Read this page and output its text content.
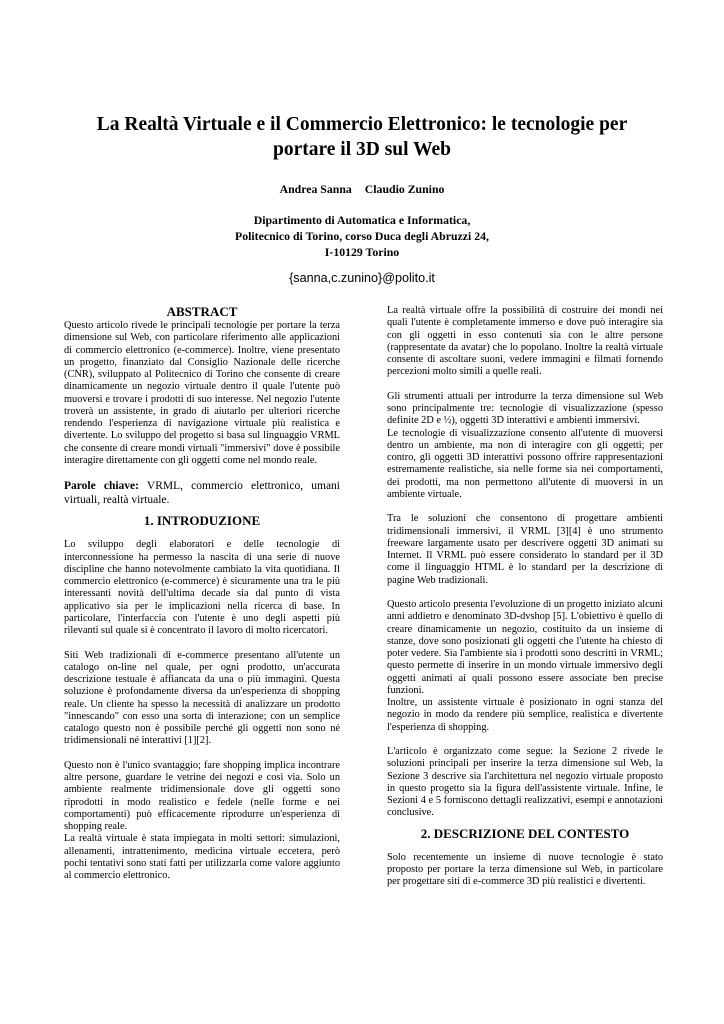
La Realtà Virtuale e il Commercio Elettronico: le tecnologie per
portare il 3D sul Web
Andrea Sanna Claudio Zunino
Dipartimento di Automatica e Informatica,
Politecnico di Torino, corso Duca degli Abruzzi 24,
I-10129 Torino
{sanna,c.zunino}@polito.it
ABSTRACT

Questo articolo rivede le principali tecnologie per portare la terza dimensione sul Web, con particolare riferimento alle applicazioni di commercio elettronico (e-commerce). Inoltre, viene presentato un progetto, finanziato dal Consiglio Nazionale delle ricerche (CNR), sviluppato al Politecnico di Torino che consente di creare dinamicamente un negozio virtuale dentro il quale l'utente può muoversi e trovare i prodotti di suo interesse. Nel negozio l'utente troverà un assistente, in grado di aiutarlo per ulteriori ricerche rendendo l'esperienza di navigazione virtuale più realistica e divertente. Lo sviluppo del progetto si basa sul linguaggio VRML che consente di creare mondi virtuali "immersivi" dove è possibile interagire direttamente con gli oggetti come nel mondo reale.

Parole chiave: VRML, commercio elettronico, umani virtuali, realtà virtuale.

1. INTRODUZIONE

Lo sviluppo degli elaboratori e delle tecnologie di interconnessione ha permesso la nascita di una serie di nuove discipline che hanno notevolmente cambiato la vita quotidiana. Il commercio elettronico (e-commerce) è sicuramente una tra le più interessanti novità dell'ultima decade sia dal punto di vista applicativo sia per le implicazioni nella ricerca di base. In particolare, l'interfaccia con l'utente è uno degli aspetti più rilevanti sul quale si è concentrato il lavoro di molto ricercatori.

Siti Web tradizionali di e-commerce presentano all'utente un catalogo on-line nel quale, per ogni prodotto, un'accurata descrizione testuale è affiancata da una o più immagini. Questa soluzione è profondamente diversa da un'esperienza di shopping reale. Un cliente ha spesso la necessità di analizzare un prodotto "innescando" con esso una sorta di interazione; con un semplice catalogo questo non è possibile perché gli oggetti non sono né tridimensionali né interattivi [1][2].

Questo non è l'unico svantaggio; fare shopping implica incontrare altre persone, guardare le vetrine dei negozi e così via. Solo un ambiente realmente tridimensionale dove gli oggetti sono riprodotti in modo realistico e fedele (nelle forme e nei comportamenti) può efficacemente riprodurre un'esperienza di shopping reale.

La realtà virtuale è stata impiegata in molti settori: simulazioni, allenamenti, intrattenimento, medicina virtuale eccetera, però pochi tentativi sono stati fatti per utilizzarla come valore aggiunto al commercio elettronico.

La realtà virtuale offre la possibilità di costruire dei mondi nei quali l'utente è completamente immerso e dove può interagire sia con gli oggetti in esso contenuti sia con le altre persone (rappresentate da avatar) che lo popolano. Inoltre la realtà virtuale consente di ascoltare suoni, vedere immagini e filmati fornendo percezioni molto simili a quelle reali.

Gli strumenti attuali per introdurre la terza dimensione sul Web sono principalmente tre: tecnologie di visualizzazione (spesso definite 2D e ½), oggetti 3D interattivi e ambienti immersivi.

Le tecnologie di visualizzazione consento all'utente di muoversi dentro un ambiente, ma non di interagire con gli oggetti; per contro, gli oggetti 3D interattivi possono offrire rappresentazioni estremamente realistiche, sia nelle forme sia nei comportamenti, dei prodotti, ma non permettono all'utente di muoversi in un ambiente virtuale.

Tra le soluzioni che consentono di progettare ambienti tridimensionali immersivi, il VRML [3][4] è uno strumento freeware largamente usato per descrivere oggetti 3D animati su Internet. Il VRML può essere considerato lo standard per il 3D come il linguaggio HTML è lo standard per la descrizione di pagine Web tradizionali.

Questo articolo presenta l'evoluzione di un progetto iniziato alcuni anni addietro e denominato 3D-dvshop [5]. L'obiettivo è quello di creare dinamicamente un negozio, costituito da un insieme di stanze, dove sono posizionati gli oggetti che l'utente ha chiesto di poter vedere. Sia l'ambiente sia i prodotti sono descritti in VRML; questo permette di inserire in un mondo virtuale immersivo degli oggetti animati ai quali possono essere associate ben precise funzioni.

Inoltre, un assistente virtuale è posizionato in ogni stanza del negozio in modo da rendere più semplice, realistica e divertente l'esperienza di shopping.

L'articolo è organizzato come segue: la Sezione 2 rivede le soluzioni principali per inserire la terza dimensione sul Web, la Sezione 3 descrive sia l'architettura nel negozio virtuale proposto in questo progetto sia la figura dell'assistente virtuale. Infine, le Sezioni 4 e 5 forniscono dettagli realizzativi, esempi e annotazioni conclusive.

2. DESCRIZIONE DEL CONTESTO

Solo recentemente un insieme di nuove tecnologie è stato proposto per portare la terza dimensione sul Web, in particolare per progettare siti di e-commerce 3D più realistici e divertenti.
